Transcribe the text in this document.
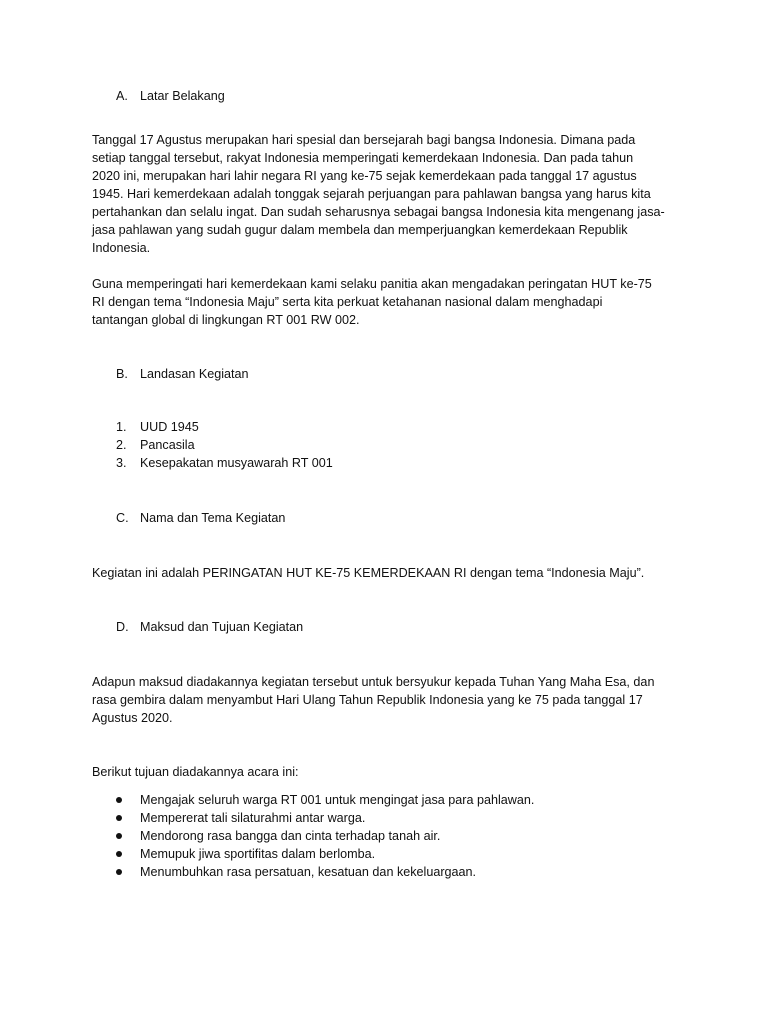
A. Latar Belakang
Tanggal 17 Agustus merupakan hari spesial dan bersejarah bagi bangsa Indonesia. Dimana pada
setiap tanggal tersebut, rakyat Indonesia memperingati kemerdekaan Indonesia. Dan pada tahun
2020 ini, merupakan hari lahir negara RI yang ke-75 sejak kemerdekaan pada tanggal 17 agustus
1945. Hari kemerdekaan adalah tonggak sejarah perjuangan para pahlawan bangsa yang harus kita
pertahankan dan selalu ingat. Dan sudah seharusnya sebagai bangsa Indonesia kita mengenang jasa-
jasa pahlawan yang sudah gugur dalam membela dan memperjuangkan kemerdekaan Republik
Indonesia.
Guna memperingati hari kemerdekaan kami selaku panitia akan mengadakan peringatan HUT ke-75
RI dengan tema “Indonesia Maju” serta kita perkuat ketahanan nasional dalam menghadapi
tantangan global di lingkungan RT 001 RW 002.
B. Landasan Kegiatan
1. UUD 1945
2. Pancasila
3. Kesepakatan musyawarah RT 001
C. Nama dan Tema Kegiatan
Kegiatan ini adalah PERINGATAN HUT KE-75 KEMERDEKAAN RI dengan tema “Indonesia Maju”.
D. Maksud dan Tujuan Kegiatan
Adapun maksud diadakannya kegiatan tersebut untuk bersyukur kepada Tuhan Yang Maha Esa, dan
rasa gembira dalam menyambut Hari Ulang Tahun Republik Indonesia yang ke 75 pada tanggal 17
Agustus 2020.
Berikut tujuan diadakannya acara ini:
Mengajak seluruh warga RT 001 untuk mengingat jasa para pahlawan.
Mempererat tali silaturahmi antar warga.
Mendorong rasa bangga dan cinta terhadap tanah air.
Memupuk jiwa sportifitas dalam berlomba.
Menumbuhkan rasa persatuan, kesatuan dan kekeluargaan.
